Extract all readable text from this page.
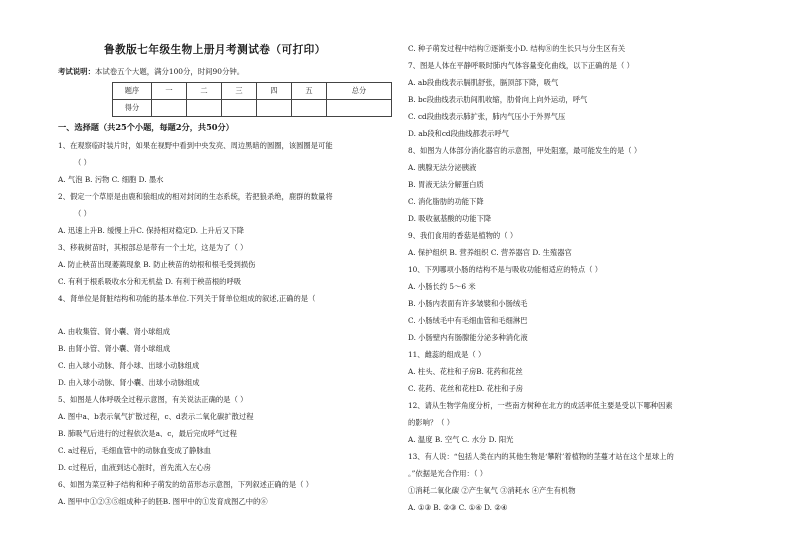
鲁教版七年级生物上册月考测试卷（可打印）
考试说明：本试卷五个大题，满分100分，时间90分钟。
题序	一	二	三	四	五	总分
得分						
一、选择题（共25个小题，每题2分，共50分）
1、在观察临时装片时，如果在视野中看到中央发亮、周边黑暗的圆圈，该圆圈是可能
（ ）
A. 气泡 B. 污物 C. 细胞 D. 墨水
2、假定一个草原是由鹿和狼组成的相对封闭的生态系统，若把狼杀绝，鹿群的数量将
（ ）
A. 迅速上升B. 缓慢上升C. 保持相对稳定D. 上升后又下降
3、移栽树苗时，其根部总是带有一个土坨，这是为了（ ）
A. 防止秧苗出现萎蔫现象 B. 防止秧苗的幼根和根毛受到损伤
C. 有利于根系吸收水分和无机盐 D. 有利于秧苗根的呼吸
4、肾单位是肾脏结构和功能的基本单位.下列关于肾单位组成的叙述,正确的是（
A. 由收集管、肾小囊、肾小球组成
B. 由肾小管、肾小囊、肾小球组成
C. 由入球小动脉、肾小球、出球小动脉组成
D. 由入球小动脉、肾小囊、出球小动脉组成
5、如图是人体呼吸全过程示意图，有关说法正确的是（ ）
A. 图中a、b表示氧气扩散过程，c、d表示二氧化碳扩散过程
B. 肺吸气后进行的过程依次是a、c，最后完成呼气过程
C. a过程后，毛细血管中的动脉血变成了静脉血
D. c过程后，血液到达心脏时，首先流入左心房
6、如图为菜豆种子结构和种子萌发的幼苗形态示意图，下列叙述正确的是（ ）
A. 图甲中①②③⑤组成种子的胚B. 图甲中的①发育成图乙中的⑥
C. 种子萌发过程中结构⑦逐渐变小D. 结构⑧的生长只与分生区有关
7、图是人体在平静呼吸时肺内气体容量变化曲线，以下正确的是（ ）
A. ab段曲线表示膈肌舒张，膈顶部下降，吸气
B. bc段曲线表示肋间肌收缩，肋骨向上向外运动，呼气
C. cd段曲线表示肺扩张，肺内气压小于外界气压
D. ab段和cd段曲线都表示呼气
8、如图为人体部分消化器官的示意图，甲处阻塞，最可能发生的是（ ）
A. 胰腺无法分泌胰液
B. 胃液无法分解蛋白质
C. 消化脂肪的功能下降
D. 吸收氨基酸的功能下降
9、我们食用的香菇是植物的（ ）
A. 保护组织 B. 营养组织 C. 营养器官 D. 生殖器官
10、下列哪项小肠的结构不是与吸收功能相适应的特点（ ）
A. 小肠长约 5～6 米
B. 小肠内表面有许多皱襞和小肠绒毛
C. 小肠绒毛中有毛细血管和毛细淋巴
D. 小肠壁内有肠腺能分泌多种消化液
11、雌蕊的组成是（ ）
A. 柱头、花柱和子房B. 花药和花丝
C. 花药、花丝和花柱D. 花柱和子房
12、请从生物学角度分析，一些南方树种在北方的成活率低主要是受以下哪种因素
的影响？（ ）
A. 温度 B. 空气 C. 水分 D. 阳光
13、有人说：“包括人类在内的其他生物是‘攀附’着植物的茎蔓才站在这个星球上的
。”依据是光合作用：（ ）
①消耗二氧化碳 ②产生氧气 ③消耗水 ④产生有机物
A. ①③ B. ②③ C. ①④ D. ②④
